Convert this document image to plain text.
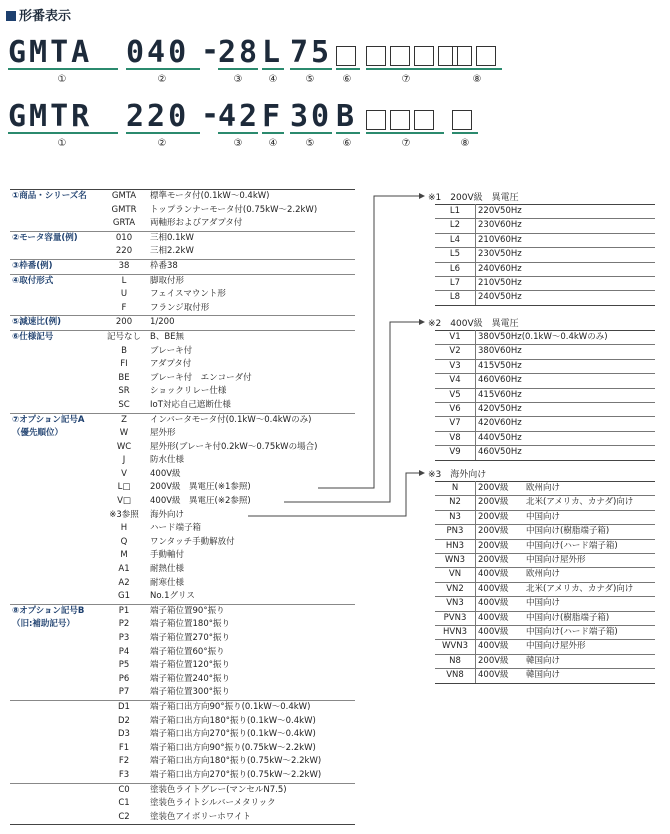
形番表示
GMTA 040 -
28 L 75
①	②	③	④	⑤	⑥	⑦	⑧
GMTR 220 -
42 F 30 B
①	②	③	④	⑤	⑥	⑦	⑧
①商品・シリーズ名	GMTA	標準モータ付(0.1kW〜0.4kW)
	GMTR	トップランナーモータ付(0.75kW〜2.2kW)
	GRTA	両軸形およびアダプタ付
②モータ容量(例)	010	三相0.1kW
	220	三相2.2kW
③枠番(例)	38	枠番38
④取付形式	L	脚取付形
	U	フェイスマウント形
	F	フランジ取付形
⑤減速比(例)	200	1/200
⑥仕様記号	記号なし	B、BE無
	B	ブレーキ付
	FI	アダプタ付
	BE	ブレーキ付　エンコーダ付
	SR	ショックリレー仕様
	SC	IoT対応自己遮断仕様
⑦オプション記号A	Z	インバータモータ付(0.1kW〜0.4kWのみ)
（優先順位）	W	屋外形
	WC	屋外形(ブレーキ付0.2kW〜0.75kWの場合)
	J	防水仕様
	V	400V級
	L□	200V級　異電圧(※1参照)
	V□	400V級　異電圧(※2参照)
	※3参照	海外向け
	H	ハード端子箱
	Q	ワンタッチ手動解放付
	M	手動軸付
	A1	耐熱仕様
	A2	耐寒仕様
	G1	No.1グリス
⑧オプション記号B	P1	端子箱位置90°振り
（旧:補助記号）	P2	端子箱位置180°振り
	P3	端子箱位置270°振り
	P4	端子箱位置60°振り
	P5	端子箱位置120°振り
	P6	端子箱位置240°振り
	P7	端子箱位置300°振り
	D1	端子箱口出方向90°振り(0.1kW〜0.4kW)
	D2	端子箱口出方向180°振り(0.1kW〜0.4kW)
	D3	端子箱口出方向270°振り(0.1kW〜0.4kW)
	F1	端子箱口出方向90°振り(0.75kW〜2.2kW)
	F2	端子箱口出方向180°振り(0.75kW〜2.2kW)
	F3	端子箱口出方向270°振り(0.75kW〜2.2kW)
	C0	塗装色ライトグレー(マンセルN7.5)
	C1	塗装色ライトシルバーメタリック
	C2	塗装色アイボリーホワイト
※1　200V級　異電圧
L1	220V50Hz
L2	230V60Hz
L4	210V60Hz
L5	230V50Hz
L6	240V60Hz
L7	210V50Hz
L8	240V50Hz
※2　400V級　異電圧
V1	380V50Hz(0.1kW〜0.4kWのみ)
V2	380V60Hz
V3	415V50Hz
V4	460V60Hz
V5	415V60Hz
V6	420V50Hz
V7	420V60Hz
V8	440V50Hz
V9	460V50Hz
※3　海外向け
N	200V級	欧州向け
N2	200V級	北米(アメリカ、カナダ)向け
N3	200V級	中国向け
PN3	200V級	中国向け(樹脂端子箱)
HN3	200V級	中国向け(ハード端子箱)
WN3	200V級	中国向け屋外形
VN	400V級	欧州向け
VN2	400V級	北米(アメリカ、カナダ)向け
VN3	400V級	中国向け
PVN3	400V級	中国向け(樹脂端子箱)
HVN3	400V級	中国向け(ハード端子箱)
WVN3	400V級	中国向け屋外形
N8	200V級	韓国向け
VN8	400V級	韓国向け
